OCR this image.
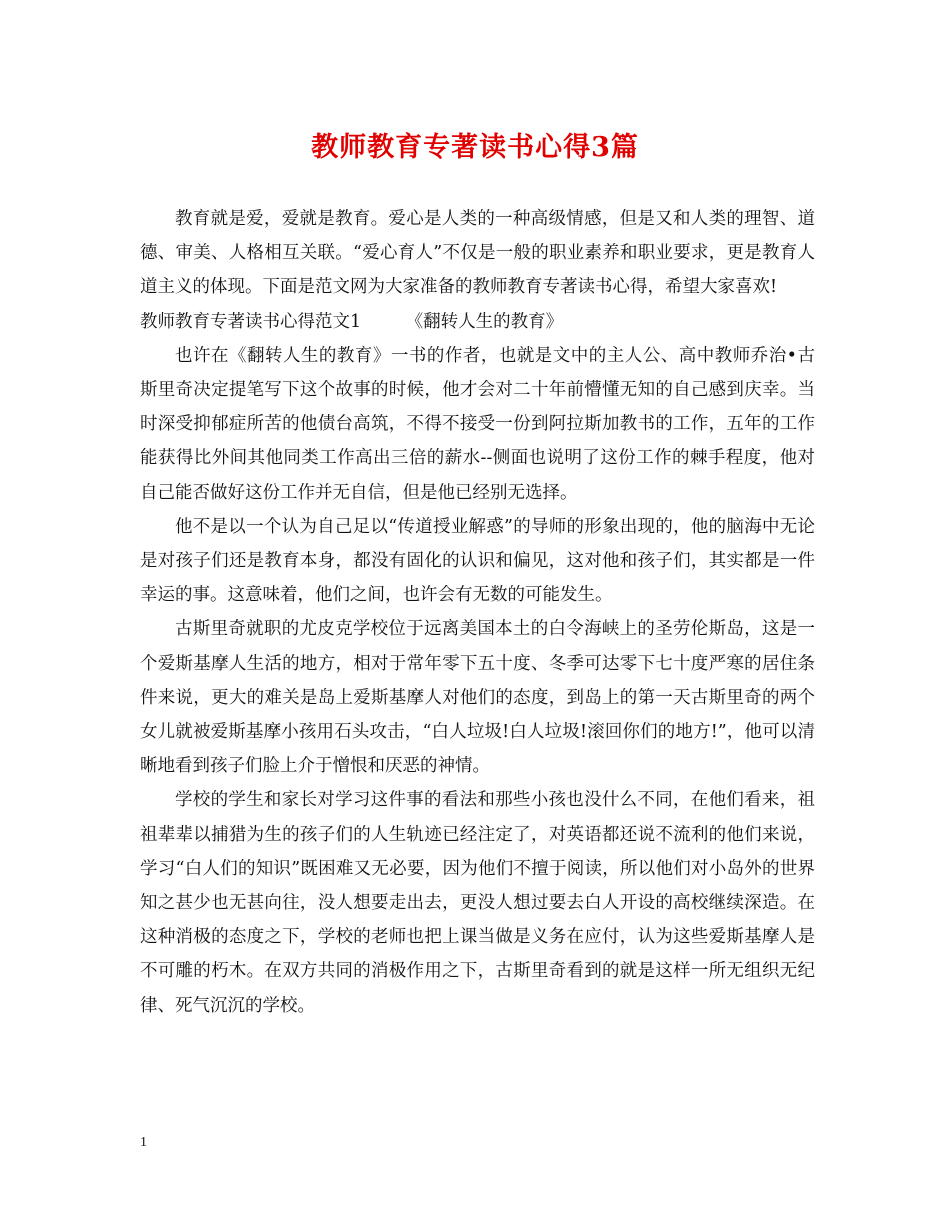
教师教育专著读书心得3篇

教育就是爱，爱就是教育。爱心是人类的一种高级情感，但是又和人类的理智、道德、审美、人格相互关联。“爱心育人”不仅是一般的职业素养和职业要求，更是教育人道主义的体现。下面是范文网为大家准备的教师教育专著读书心得，希望大家喜欢!

教师教育专著读书心得范文1        《翻转人生的教育》

也许在《翻转人生的教育》一书的作者，也就是文中的主人公、高中教师乔治•古斯里奇决定提笔写下这个故事的时候，他才会对二十年前懵懂无知的自己感到庆幸。当时深受抑郁症所苦的他债台高筑，不得不接受一份到阿拉斯加教书的工作，五年的工作能获得比外间其他同类工作高出三倍的薪水--侧面也说明了这份工作的棘手程度，他对自己能否做好这份工作并无自信，但是他已经别无选择。

他不是以一个认为自己足以“传道授业解惑”的导师的形象出现的，他的脑海中无论是对孩子们还是教育本身，都没有固化的认识和偏见，这对他和孩子们，其实都是一件幸运的事。这意味着，他们之间，也许会有无数的可能发生。

古斯里奇就职的尤皮克学校位于远离美国本土的白令海峡上的圣劳伦斯岛，这是一个爱斯基摩人生活的地方，相对于常年零下五十度、冬季可达零下七十度严寒的居住条件来说，更大的难关是岛上爱斯基摩人对他们的态度，到岛上的第一天古斯里奇的两个女儿就被爱斯基摩小孩用石头攻击，“白人垃圾!白人垃圾!滚回你们的地方!”，他可以清晰地看到孩子们脸上介于憎恨和厌恶的神情。

学校的学生和家长对学习这件事的看法和那些小孩也没什么不同，在他们看来，祖祖辈辈以捕猎为生的孩子们的人生轨迹已经注定了，对英语都还说不流利的他们来说，学习“白人们的知识”既困难又无必要，因为他们不擅于阅读，所以他们对小岛外的世界知之甚少也无甚向往，没人想要走出去，更没人想过要去白人开设的高校继续深造。在这种消极的态度之下，学校的老师也把上课当做是义务在应付，认为这些爱斯基摩人是不可雕的朽木。在双方共同的消极作用之下，古斯里奇看到的就是这样一所无组织无纪律、死气沉沉的学校。

1
